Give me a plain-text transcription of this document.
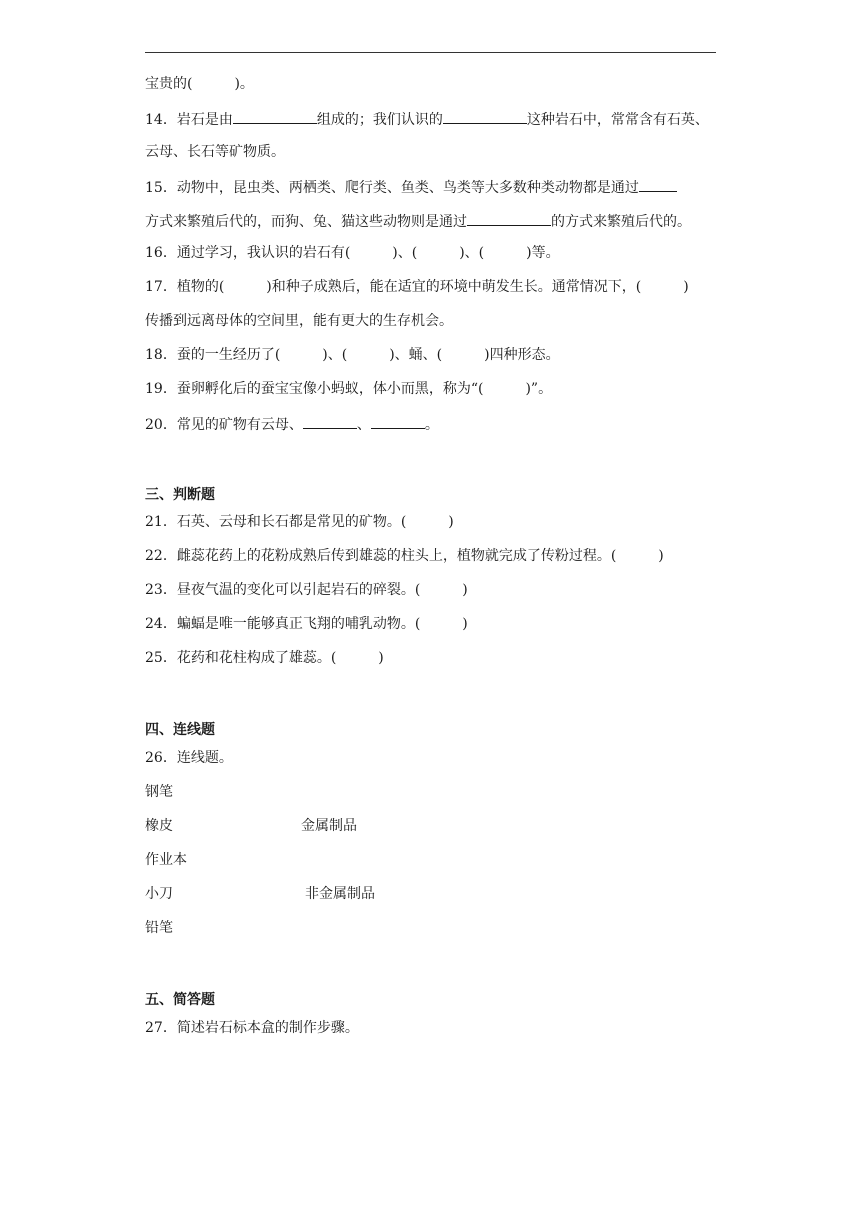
宝贵的(　　　)。
14．岩石是由	组成的；我们认识的	这种岩石中，常常含有石英、
云母、长石等矿物质。
15．动物中，昆虫类、两栖类、爬行类、鱼类、鸟类等大多数种类动物都是通过
方式来繁殖后代的，而狗、兔、猫这些动物则是通过	的方式来繁殖后代的。
16．通过学习，我认识的岩石有(　　　)、(　　　)、(　　　)等。
17．植物的(　　　)和种子成熟后，能在适宜的环境中萌发生长。通常情况下，(　　　)
传播到远离母体的空间里，能有更大的生存机会。
18．蚕的一生经历了(　　　)、(　　　)、蛹、(　　　)四种形态。
19．蚕卵孵化后的蚕宝宝像小蚂蚁，体小而黑，称为“(　　　)”。
20．常见的矿物有云母、	、	。
三、判断题
21．石英、云母和长石都是常见的矿物。(　　　)
22．雌蕊花药上的花粉成熟后传到雄蕊的柱头上，植物就完成了传粉过程。(　　　)
23．昼夜气温的变化可以引起岩石的碎裂。(　　　)
24．蝙蝠是唯一能够真正飞翔的哺乳动物。(　　　)
25．花药和花柱构成了雄蕊。(　　　)
四、连线题
26．连线题。
钢笔
橡皮	金属制品
作业本
小刀	非金属制品
铅笔
五、简答题
27．简述岩石标本盒的制作步骤。
